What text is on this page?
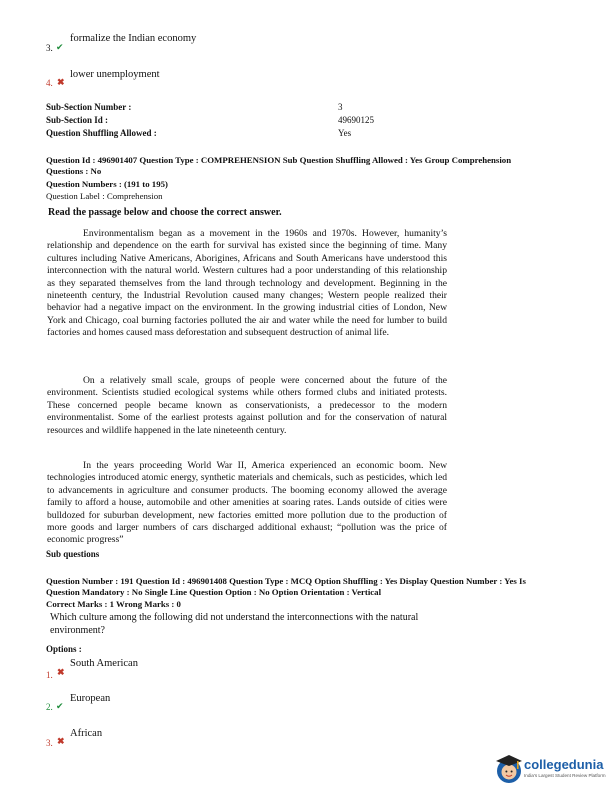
3. ✔
formalize the Indian economy
4. ✖
lower unemployment
Sub-Section Number :	3
Sub-Section Id :	49690125
Question Shuffling Allowed :	Yes
Question Id : 496901407 Question Type : COMPREHENSION Sub Question Shuffling Allowed : Yes Group Comprehension
Questions : No
Question Numbers : (191 to 195)
Question Label : Comprehension
Read the passage below and choose the correct answer.

Environmentalism began as a movement in the 1960s and 1970s. However, humanity’s relationship and dependence on the earth for survival has existed since the beginning of time. Many cultures including Native Americans, Aborigines, Africans and South Americans have understood this interconnection with the natural world. Western cultures had a poor understanding of this relationship as they separated themselves from the land through technology and development. Beginning in the nineteenth century, the Industrial Revolution caused many changes; Western people realized their behavior had a negative impact on the environment. In the growing industrial cities of London, New York and Chicago, coal burning factories polluted the air and water while the need for lumber to build factories and homes caused mass deforestation and subsequent destruction of animal life.

On a relatively small scale, groups of people were concerned about the future of the environment. Scientists studied ecological systems while others formed clubs and initiated protests. These concerned people became known as conservationists, a predecessor to the modern environmentalist. Some of the earliest protests against pollution and for the conservation of natural resources and wildlife happened in the late nineteenth century.

In the years proceeding World War II, America experienced an economic boom. New technologies introduced atomic energy, synthetic materials and chemicals, such as pesticides, which led to advancements in agriculture and consumer products. The booming economy allowed the average family to afford a house, automobile and other amenities at soaring rates. Lands outside of cities were bulldozed for suburban development, new factories emitted more pollution due to the production of more goods and larger numbers of cars discharged additional exhaust; “pollution was the price of economic progress”

Sub questions
Question Number : 191 Question Id : 496901408 Question Type : MCQ Option Shuffling : Yes Display Question Number : Yes Is
Question Mandatory : No Single Line Question Option : No Option Orientation : Vertical
Correct Marks : 1 Wrong Marks : 0
Which culture among the following did not understand the interconnections with the natural environment?
Options :
1. ✖
South American
2. ✔
European
3. ✖
African
collegedunia
India's Largest Student Review Platform
